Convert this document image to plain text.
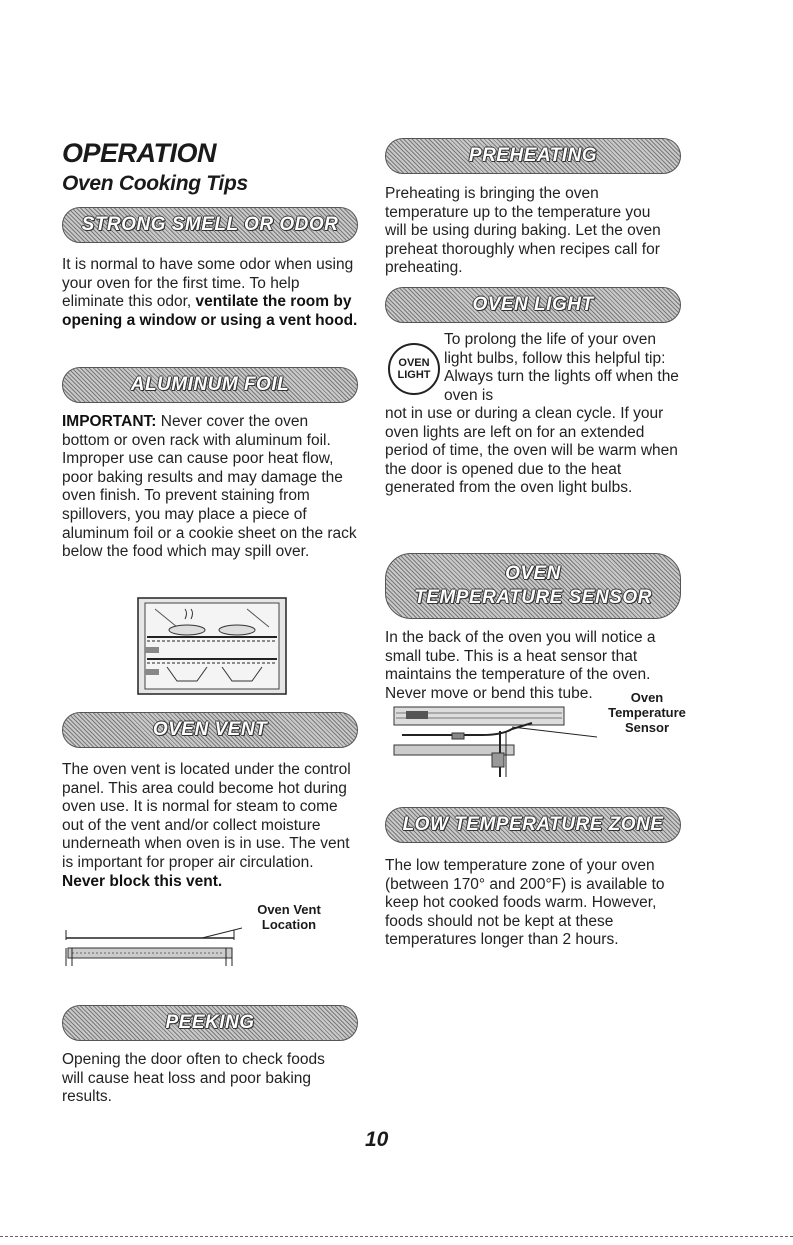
OPERATION
Oven Cooking Tips
STRONG SMELL OR ODOR
It is normal to have some odor when using your oven for the first time. To help eliminate this odor, ventilate the room by opening a window or using a vent hood.
ALUMINUM FOIL
IMPORTANT: Never cover the oven bottom or oven rack with aluminum foil. Improper use can cause poor heat flow, poor baking results and may damage the oven finish. To prevent staining from spillovers, you may place a piece of aluminum foil or a cookie sheet on the rack below the food which may spill over.
OVEN VENT
The oven vent is located under the control panel. This area could become hot during oven use. It is normal for steam to come out of the vent and/or collect moisture underneath when oven is in use. The vent is important for proper air circulation. Never block this vent.
Oven Vent
Location
PEEKING
Opening the door often to check foods will cause heat loss and poor baking results.
PREHEATING
Preheating is bringing the oven temperature up to the temperature you will be using during baking. Let the oven preheat thoroughly when recipes call for preheating.
OVEN LIGHT
OVEN
LIGHT
To prolong the life of your oven light bulbs, follow this helpful tip: Always turn the lights off when the oven is
not in use or during a clean cycle. If your oven lights are left on for an extended period of time, the oven will be warm when the door is opened due to the heat generated from the oven light bulbs.
OVEN
TEMPERATURE SENSOR
In the back of the oven you will notice a small tube. This is a heat sensor that maintains the temperature of the oven. Never move or bend this tube.	Oven
Temperature
Sensor
LOW TEMPERATURE ZONE
The low temperature zone of your oven (between 170° and 200°F) is available to keep hot cooked foods warm. However, foods should not be kept at these temperatures longer than 2 hours.
10
